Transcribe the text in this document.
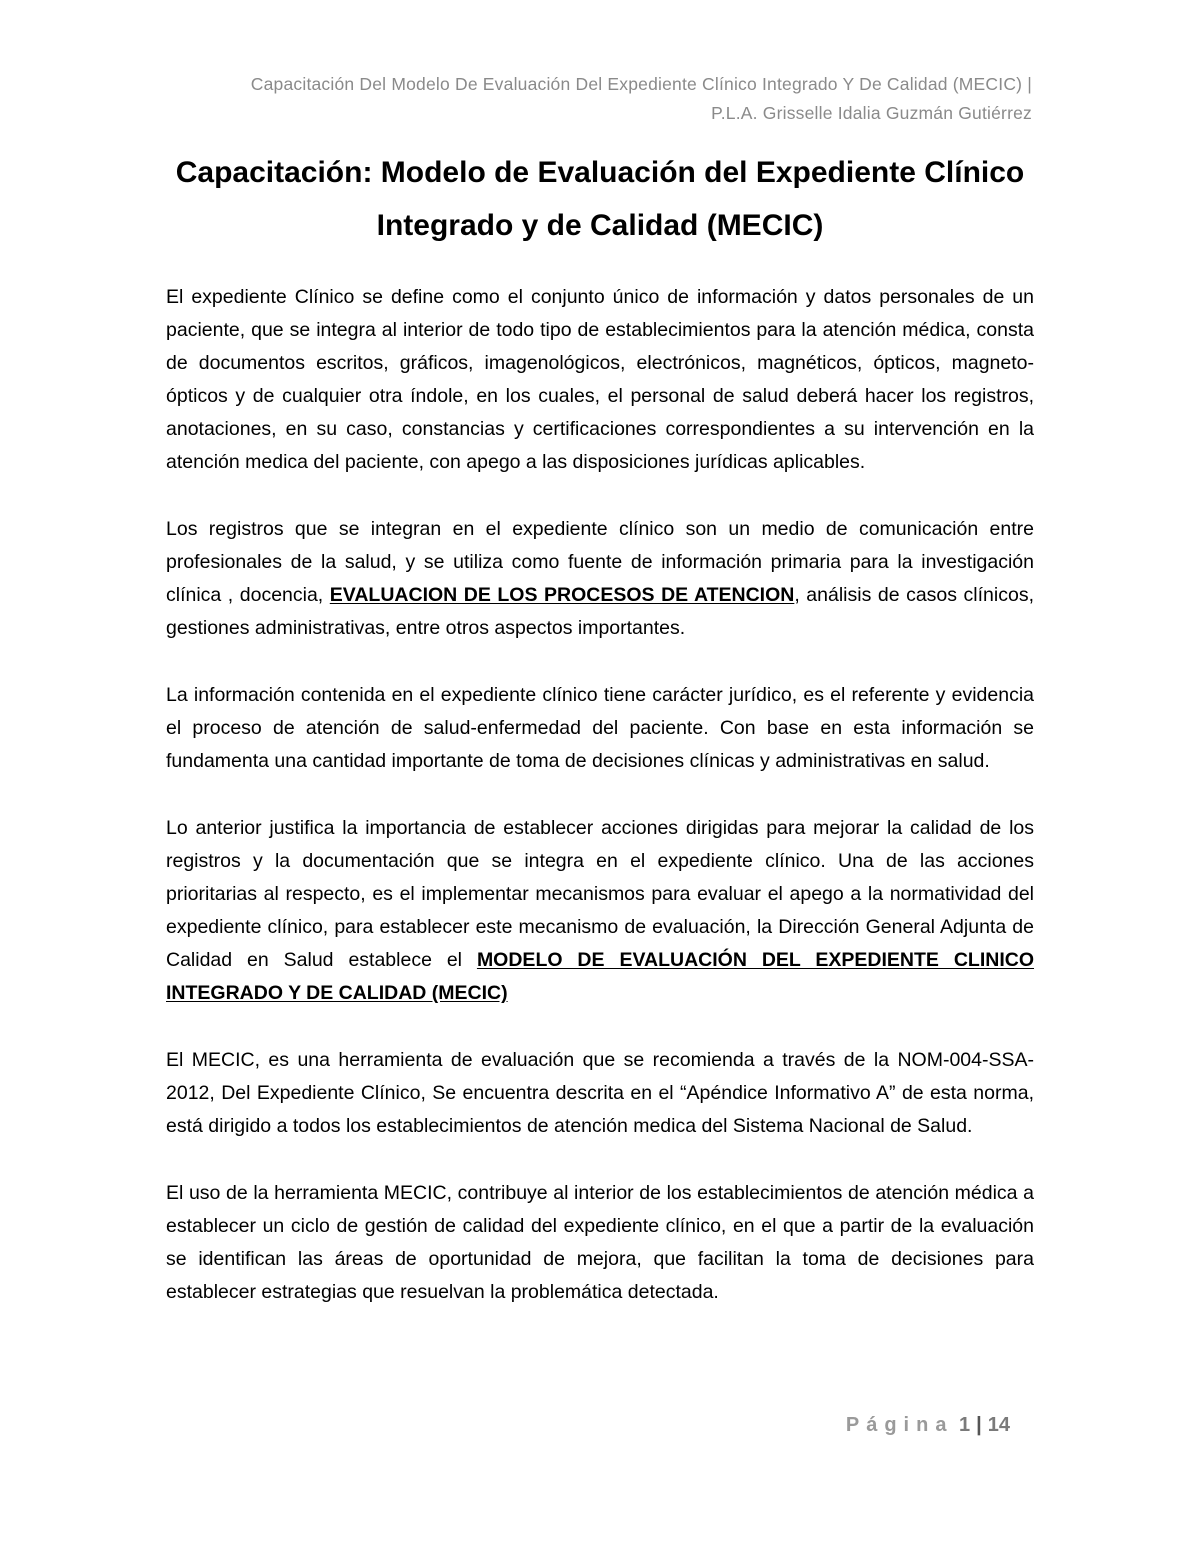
Capacitación Del Modelo De Evaluación Del Expediente Clínico Integrado Y De Calidad (MECIC) |
P.L.A. Grisselle Idalia Guzmán Gutiérrez
Capacitación: Modelo de Evaluación del Expediente Clínico
Integrado y de Calidad (MECIC)

El expediente Clínico se define como el conjunto único de información y datos personales de un paciente, que se integra al interior de todo tipo de establecimientos para la atención médica, consta de documentos escritos, gráficos, imagenológicos, electrónicos, magnéticos, ópticos, magneto-ópticos y de cualquier otra índole, en los cuales, el personal de salud deberá hacer los registros, anotaciones, en su caso, constancias y certificaciones correspondientes a su intervención en la atención medica del paciente, con apego a las disposiciones jurídicas aplicables.

Los registros que se integran en el expediente clínico son un medio de comunicación entre profesionales de la salud, y se utiliza como fuente de información primaria para la investigación clínica , docencia, EVALUACION DE LOS PROCESOS DE ATENCION, análisis de casos clínicos, gestiones administrativas, entre otros aspectos importantes.

La información contenida en el expediente clínico tiene carácter jurídico, es el referente y evidencia el proceso de atención de salud-enfermedad del paciente. Con base en esta información se fundamenta una cantidad importante de toma de decisiones clínicas y administrativas en salud.

Lo anterior justifica la importancia de establecer acciones dirigidas para mejorar la calidad de los registros y la documentación que se integra en el expediente clínico. Una de las acciones prioritarias al respecto, es el implementar mecanismos para evaluar el apego a la normatividad del expediente clínico, para establecer este mecanismo de evaluación, la Dirección General Adjunta de Calidad en Salud establece el MODELO DE EVALUACIÓN DEL EXPEDIENTE CLINICO INTEGRADO Y DE CALIDAD (MECIC)

El MECIC, es una herramienta de evaluación que se recomienda a través de la NOM-004-SSA-2012, Del Expediente Clínico, Se encuentra descrita en el “Apéndice Informativo A” de esta norma, está dirigido a todos los establecimientos de atención medica del Sistema Nacional de Salud.

El uso de la herramienta MECIC, contribuye al interior de los establecimientos de atención médica a establecer un ciclo de gestión de calidad del expediente clínico, en el que a partir de la evaluación se identifican las áreas de oportunidad de mejora, que facilitan la toma de decisiones para establecer estrategias que resuelvan la problemática detectada.

Página 1 | 14
